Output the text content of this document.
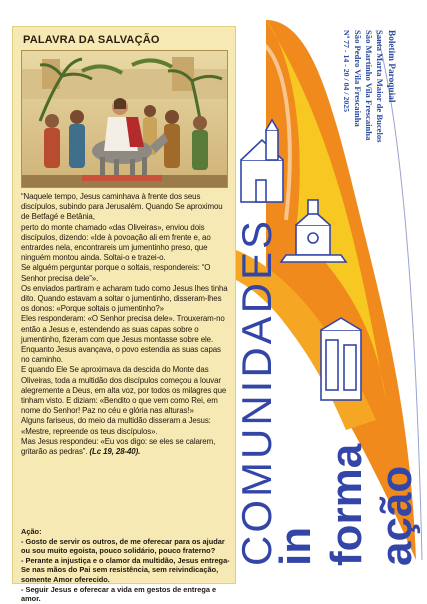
PALAVRA DA SALVAÇÃO

“Naquele tempo, Jesus caminhava à frente dos seus discípulos, subindo para Jerusalém. Quando Se aproximou de Betfagé e Betânia,

perto do monte chamado «das Oliveiras», enviou dois discípulos, dizendo: «Ide à povoação ali em frente e, ao entrardes nela, encontrareis um jumentinho preso, que ninguém montou ainda. Soltai-o e trazei-o.

Se alguém perguntar porque o soltais, respondereis: “O Senhor precisa dele”».

Os enviados partiram e acharam tudo como Jesus lhes tinha dito. Quando estavam a soltar o jumentinho, disseram-lhes os donos: «Porque soltais o jumentinho?»

Eles responderam: «O Senhor precisa dele». Trouxeram-no então a Jesus e, estendendo as suas capas sobre o jumentinho, fizeram com que Jesus montasse sobre ele.

Enquanto Jesus avançava, o povo estendia as suas capas no caminho.

E quando Ele Se aproximava da descida do Monte das Oliveiras, toda a multidão dos discípulos começou a louvar alegremente a Deus, em alta voz, por todos os milagres que tinham visto. E diziam: «Bendito o que vem como Rei, em nome do Senhor! Paz no céu e glória nas alturas!»

Alguns fariseus, do meio da multidão disseram a Jesus: «Mestre, repreende os teus discípulos».

Mas Jesus respondeu: «Eu vos digo: se eles se calarem, gritarão as pedras”. (Lc 19, 28-40).

Ação:

- Gosto de servir os outros, de me oferecar para os ajudar ou sou muito egoista, pouco solidário, pouco fraterno?

- Perante a injustiça e o clamor da multidão, Jesus entrega-Se nas mãos do Pai sem resistência, sem reivindicação, somente Amor oferecido.

- Seguir Jesus e oferecar a vida em gestos de entrega e amor.

COMUNIDADES
in forma ação
Boletim Paroquial
Santa Marta Maior de Bucelos
São Martinho Vila Frescainha
São Pedro Vila Frescainha
Nº 77 - 14 - 20 / 04 / 2025
